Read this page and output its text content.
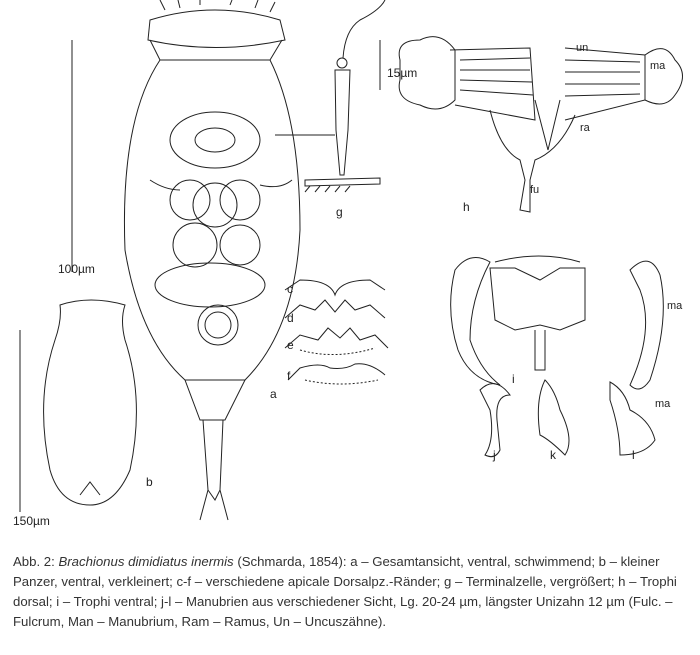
100µm
150µm
15µm
a
b
c
d
e
f
g	h
i
j	k	l
un
ma
ra
fu
ma
ma
Abb. 2: Brachionus dimidiatus inermis (Schmarda, 1854): a – Gesamtansicht, ventral, schwimmend; b – kleiner Panzer, ventral, verkleinert; c-f – verschiedene apicale Dorsalpz.-Ränder; g – Terminalzelle, vergrößert; h – Trophi dorsal; i – Trophi ventral; j-l – Manubrien aus verschiedener Sicht, Lg. 20-24 µm, längster Unizahn 12 µm (Fulc. – Fulcrum, Man – Manubrium, Ram – Ramus, Un – Uncuszähne).
